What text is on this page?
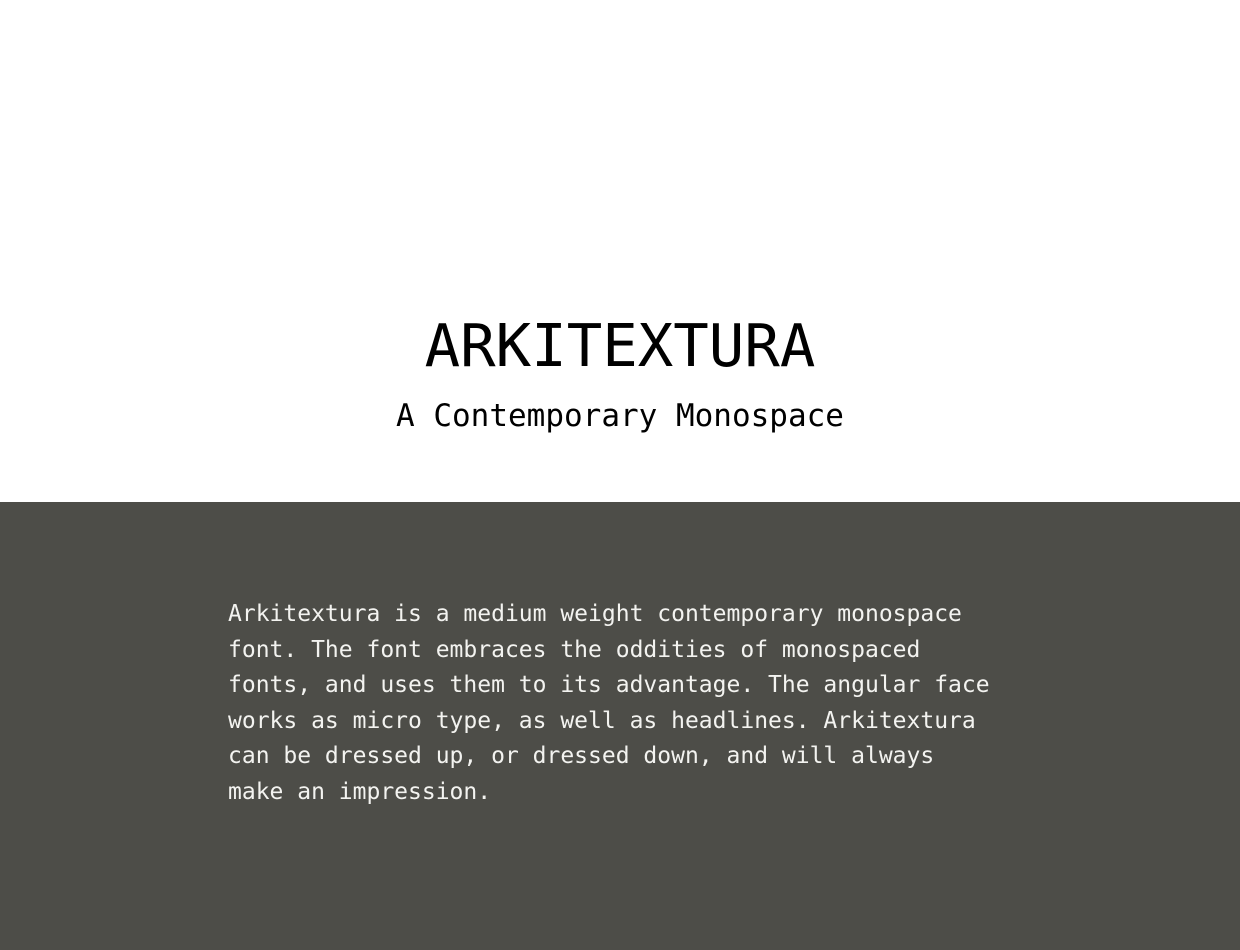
ARKITEXTURA
A Contemporary Monospace
Arkitextura is a medium weight contemporary monospace
font. The font embraces the oddities of monospaced
fonts, and uses them to its advantage. The angular face
works as micro type, as well as headlines. Arkitextura
can be dressed up, or dressed down, and will always
make an impression.
